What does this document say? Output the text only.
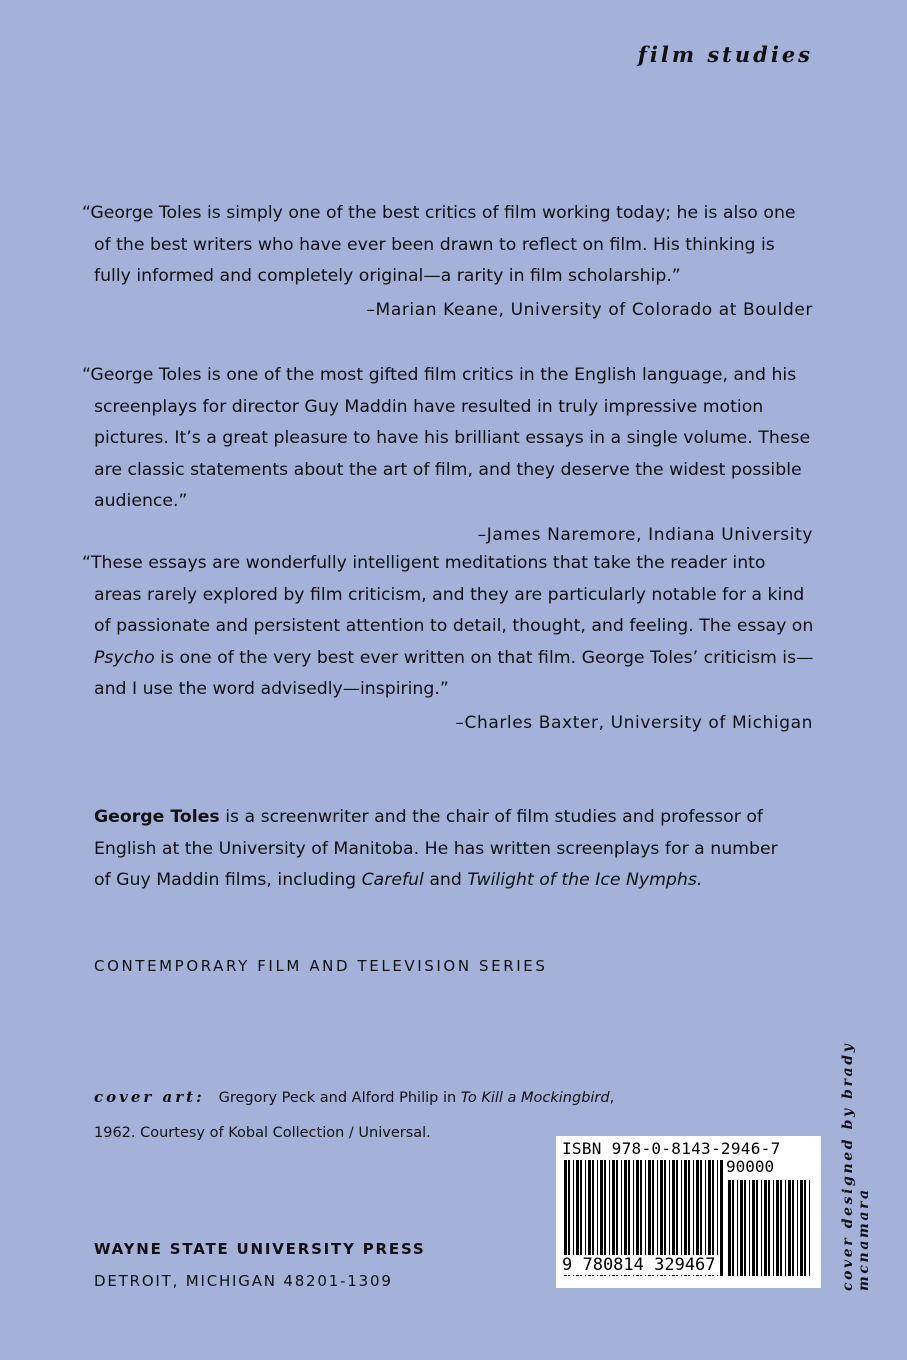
film studies

“George Toles is simply one of the best critics of film working today; he is also one of the best writers who have ever been drawn to reflect on film. His thinking is fully informed and completely original—a rarity in film scholarship.”

–Marian Keane, University of Colorado at Boulder

“George Toles is one of the most gifted film critics in the English language, and his screenplays for director Guy Maddin have resulted in truly impressive motion pictures. It’s a great pleasure to have his brilliant essays in a single volume. These are classic statements about the art of film, and they deserve the widest possible audience.”

–James Naremore, Indiana University

“These essays are wonderfully intelligent meditations that take the reader into areas rarely explored by film criticism, and they are particularly notable for a kind of passionate and persistent attention to detail, thought, and feeling. The essay on Psycho is one of the very best ever written on that film. George Toles’ criticism is—and I use the word advisedly—inspiring.”

–Charles Baxter, University of Michigan

George Toles is a screenwriter and the chair of film studies and professor of English at the University of Manitoba. He has written screenplays for a number of Guy Maddin films, including Careful and Twilight of the Ice Nymphs.

CONTEMPORARY FILM AND TELEVISION SERIES

cover art: Gregory Peck and Alford Philip in To Kill a Mockingbird,

1962. Courtesy of Kobal Collection / Universal.

WAYNE STATE UNIVERSITY PRESS
DETROIT, MICHIGAN 48201-1309
ISBN 978-0-8143-2946-7
90000
9 780814 329467	cover designed by brady mcnamara
